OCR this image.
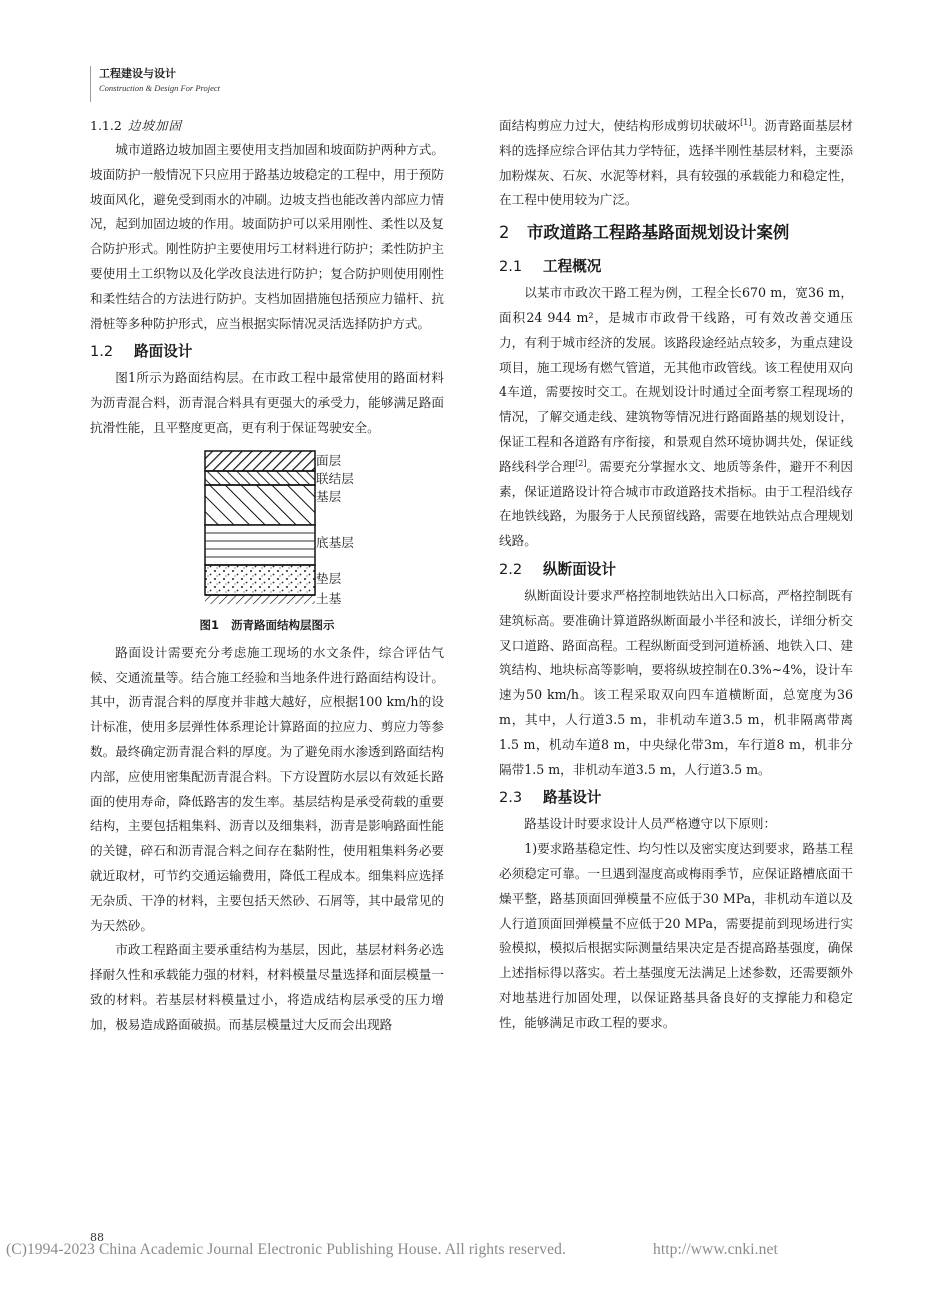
工程建设与设计
Construction & Design For Project
1.1.2 边坡加固

城市道路边坡加固主要使用支挡加固和坡面防护两种方式。坡面防护一般情况下只应用于路基边坡稳定的工程中，用于预防坡面风化，避免受到雨水的冲刷。边坡支挡也能改善内部应力情况，起到加固边坡的作用。坡面防护可以采用刚性、柔性以及复合防护形式。刚性防护主要使用圬工材料进行防护；柔性防护主要使用土工织物以及化学改良法进行防护；复合防护则使用刚性和柔性结合的方法进行防护。支档加固措施包括预应力锚杆、抗滑桩等多种防护形式，应当根据实际情况灵活选择防护方式。

1.2 路面设计

图1所示为路面结构层。在市政工程中最常使用的路面材料为沥青混合料，沥青混合料具有更强大的承受力，能够满足路面抗滑性能，且平整度更高，更有利于保证驾驶安全。

面层
联结层
基层
底基层
垫层
土基
图1 沥青路面结构层图示

路面设计需要充分考虑施工现场的水文条件，综合评估气候、交通流量等。结合施工经验和当地条件进行路面结构设计。其中，沥青混合料的厚度并非越大越好，应根据100 km/h的设计标准，使用多层弹性体系理论计算路面的拉应力、剪应力等参数。最终确定沥青混合料的厚度。为了避免雨水渗透到路面结构内部，应使用密集配沥青混合料。下方设置防水层以有效延长路面的使用寿命，降低路害的发生率。基层结构是承受荷载的重要结构，主要包括粗集料、沥青以及细集料，沥青是影响路面性能的关键，碎石和沥青混合料之间存在黏附性，使用粗集料务必要就近取材，可节约交通运输费用，降低工程成本。细集料应选择无杂质、干净的材料，主要包括天然砂、石屑等，其中最常见的为天然砂。

市政工程路面主要承重结构为基层，因此，基层材料务必选择耐久性和承载能力强的材料，材料模量尽量选择和面层模量一致的材料。若基层材料模量过小，将造成结构层承受的压力增加，极易造成路面破损。而基层模量过大反而会出现路

面结构剪应力过大，使结构形成剪切状破坏[1]。沥青路面基层材料的选择应综合评估其力学特征，选择半刚性基层材料，主要添加粉煤灰、石灰、水泥等材料，具有较强的承载能力和稳定性，在工程中使用较为广泛。

2 市政道路工程路基路面规划设计案例
2.1 工程概况

以某市市政次干路工程为例，工程全长670 m，宽36 m，面积24 944 m²，是城市市政骨干线路，可有效改善交通压力，有利于城市经济的发展。该路段途经站点较多，为重点建设项目，施工现场有燃气管道，无其他市政管线。该工程使用双向4车道，需要按时交工。在规划设计时通过全面考察工程现场的情况，了解交通走线、建筑物等情况进行路面路基的规划设计，保证工程和各道路有序衔接，和景观自然环境协调共处，保证线路线科学合理[2]。需要充分掌握水文、地质等条件，避开不利因素，保证道路设计符合城市市政道路技术指标。由于工程沿线存在地铁线路，为服务于人民预留线路，需要在地铁站点合理规划线路。

2.2 纵断面设计

纵断面设计要求严格控制地铁站出入口标高，严格控制既有建筑标高。要准确计算道路纵断面最小半径和波长，详细分析交叉口道路、路面高程。工程纵断面受到河道桥涵、地铁入口、建筑结构、地块标高等影响，要将纵坡控制在0.3%~4%，设计车速为50 km/h。该工程采取双向四车道横断面，总宽度为36 m，其中，人行道3.5 m，非机动车道3.5 m，机非隔离带离1.5 m，机动车道8 m，中央绿化带3m，车行道8 m，机非分隔带1.5 m，非机动车道3.5 m，人行道3.5 m。

2.3 路基设计

路基设计时要求设计人员严格遵守以下原则：

1)要求路基稳定性、均匀性以及密实度达到要求，路基工程必须稳定可靠。一旦遇到湿度高或梅雨季节，应保证路槽底面干燥平整，路基顶面回弹模量不应低于30 MPa，非机动车道以及人行道顶面回弹模量不应低于20 MPa，需要提前到现场进行实验模拟，模拟后根据实际测量结果决定是否提高路基强度，确保上述指标得以落实。若土基强度无法满足上述参数，还需要额外对地基进行加固处理，以保证路基具备良好的支撑能力和稳定性，能够满足市政工程的要求。

88
(C)1994-2023 China Academic Journal Electronic Publishing House. All rights reserved.	http://www.cnki.net
